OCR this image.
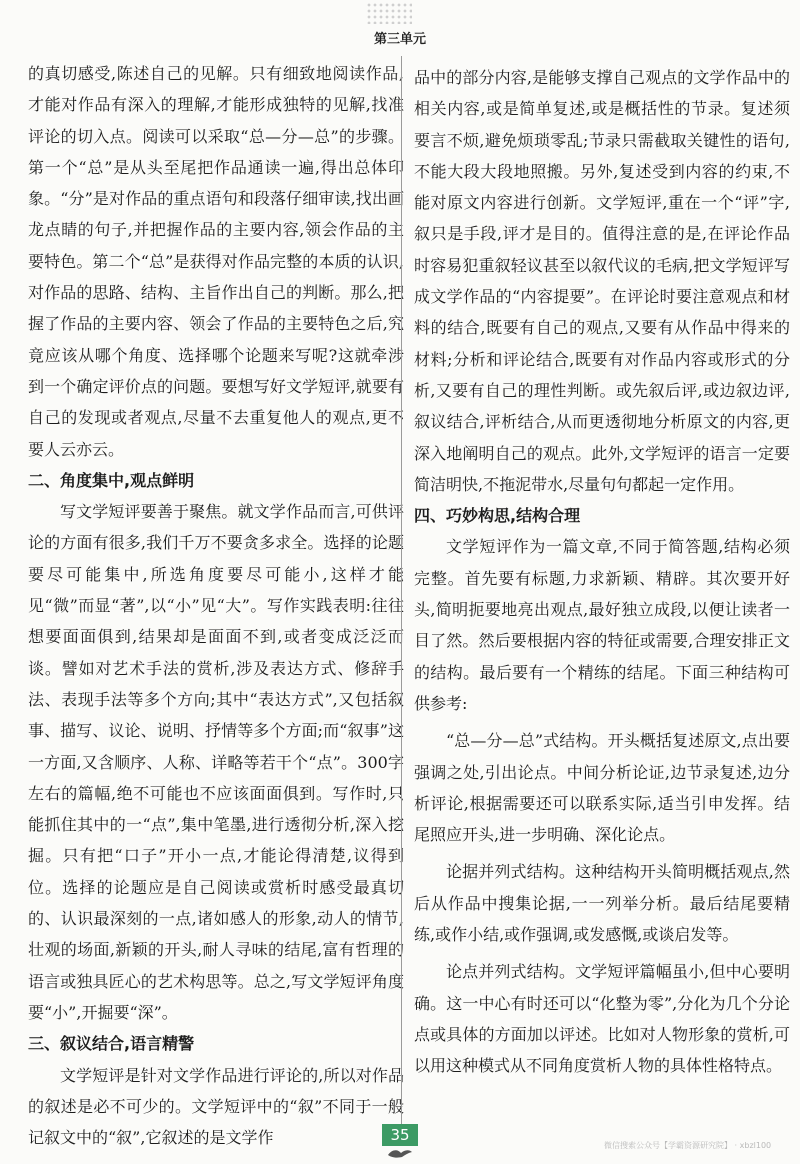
第三单元

的真切感受,陈述自己的见解。只有细致地阅读作品,才能对作品有深入的理解,才能形成独特的见解,找准评论的切入点。阅读可以采取“总—分—总”的步骤。第一个“总”是从头至尾把作品通读一遍,得出总体印象。“分”是对作品的重点语句和段落仔细审读,找出画龙点睛的句子,并把握作品的主要内容,领会作品的主要特色。第二个“总”是获得对作品完整的本质的认识,对作品的思路、结构、主旨作出自己的判断。那么,把握了作品的主要内容、领会了作品的主要特色之后,究竟应该从哪个角度、选择哪个论题来写呢?这就牵涉到一个确定评价点的问题。要想写好文学短评,就要有自己的发现或者观点,尽量不去重复他人的观点,更不要人云亦云。

二、角度集中,观点鲜明

写文学短评要善于聚焦。就文学作品而言,可供评论的方面有很多,我们千万不要贪多求全。选择的论题要尽可能集中,所选角度要尽可能小,这样才能见“微”而显“著”,以“小”见“大”。写作实践表明:往往想要面面俱到,结果却是面面不到,或者变成泛泛而谈。譬如对艺术手法的赏析,涉及表达方式、修辞手法、表现手法等多个方向;其中“表达方式”,又包括叙事、描写、议论、说明、抒情等多个方面;而“叙事”这一方面,又含顺序、人称、详略等若干个“点”。300字左右的篇幅,绝不可能也不应该面面俱到。写作时,只能抓住其中的一“点”,集中笔墨,进行透彻分析,深入挖掘。只有把“口子”开小一点,才能论得清楚,议得到位。选择的论题应是自己阅读或赏析时感受最真切的、认识最深刻的一点,诸如感人的形象,动人的情节,壮观的场面,新颖的开头,耐人寻味的结尾,富有哲理的语言或独具匠心的艺术构思等。总之,写文学短评角度要“小”,开掘要“深”。

三、叙议结合,语言精警

文学短评是针对文学作品进行评论的,所以对作品的叙述是必不可少的。文学短评中的“叙”不同于一般记叙文中的“叙”,它叙述的是文学作

品中的部分内容,是能够支撑自己观点的文学作品中的相关内容,或是简单复述,或是概括性的节录。复述须要言不烦,避免烦琐零乱;节录只需截取关键性的语句,不能大段大段地照搬。另外,复述受到内容的约束,不能对原文内容进行创新。文学短评,重在一个“评”字,叙只是手段,评才是目的。值得注意的是,在评论作品时容易犯重叙轻议甚至以叙代议的毛病,把文学短评写成文学作品的“内容提要”。在评论时要注意观点和材料的结合,既要有自己的观点,又要有从作品中得来的材料;分析和评论结合,既要有对作品内容或形式的分析,又要有自己的理性判断。或先叙后评,或边叙边评,叙议结合,评析结合,从而更透彻地分析原文的内容,更深入地阐明自己的观点。此外,文学短评的语言一定要简洁明快,不拖泥带水,尽量句句都起一定作用。

四、巧妙构思,结构合理

文学短评作为一篇文章,不同于简答题,结构必须完整。首先要有标题,力求新颖、精辟。其次要开好头,简明扼要地亮出观点,最好独立成段,以便让读者一目了然。然后要根据内容的特征或需要,合理安排正文的结构。最后要有一个精练的结尾。下面三种结构可供参考:

“总—分—总”式结构。开头概括复述原文,点出要强调之处,引出论点。中间分析论证,边节录复述,边分析评论,根据需要还可以联系实际,适当引申发挥。结尾照应开头,进一步明确、深化论点。

论据并列式结构。这种结构开头简明概括观点,然后从作品中搜集论据,一一列举分析。最后结尾要精练,或作小结,或作强调,或发感慨,或谈启发等。

论点并列式结构。文学短评篇幅虽小,但中心要明确。这一中心有时还可以“化整为零”,分化为几个分论点或具体的方面加以评述。比如对人物形象的赏析,可以用这种模式从不同角度赏析人物的具体性格特点。

35
微信搜索公众号【学霸资源研究院】 · xbzl100
